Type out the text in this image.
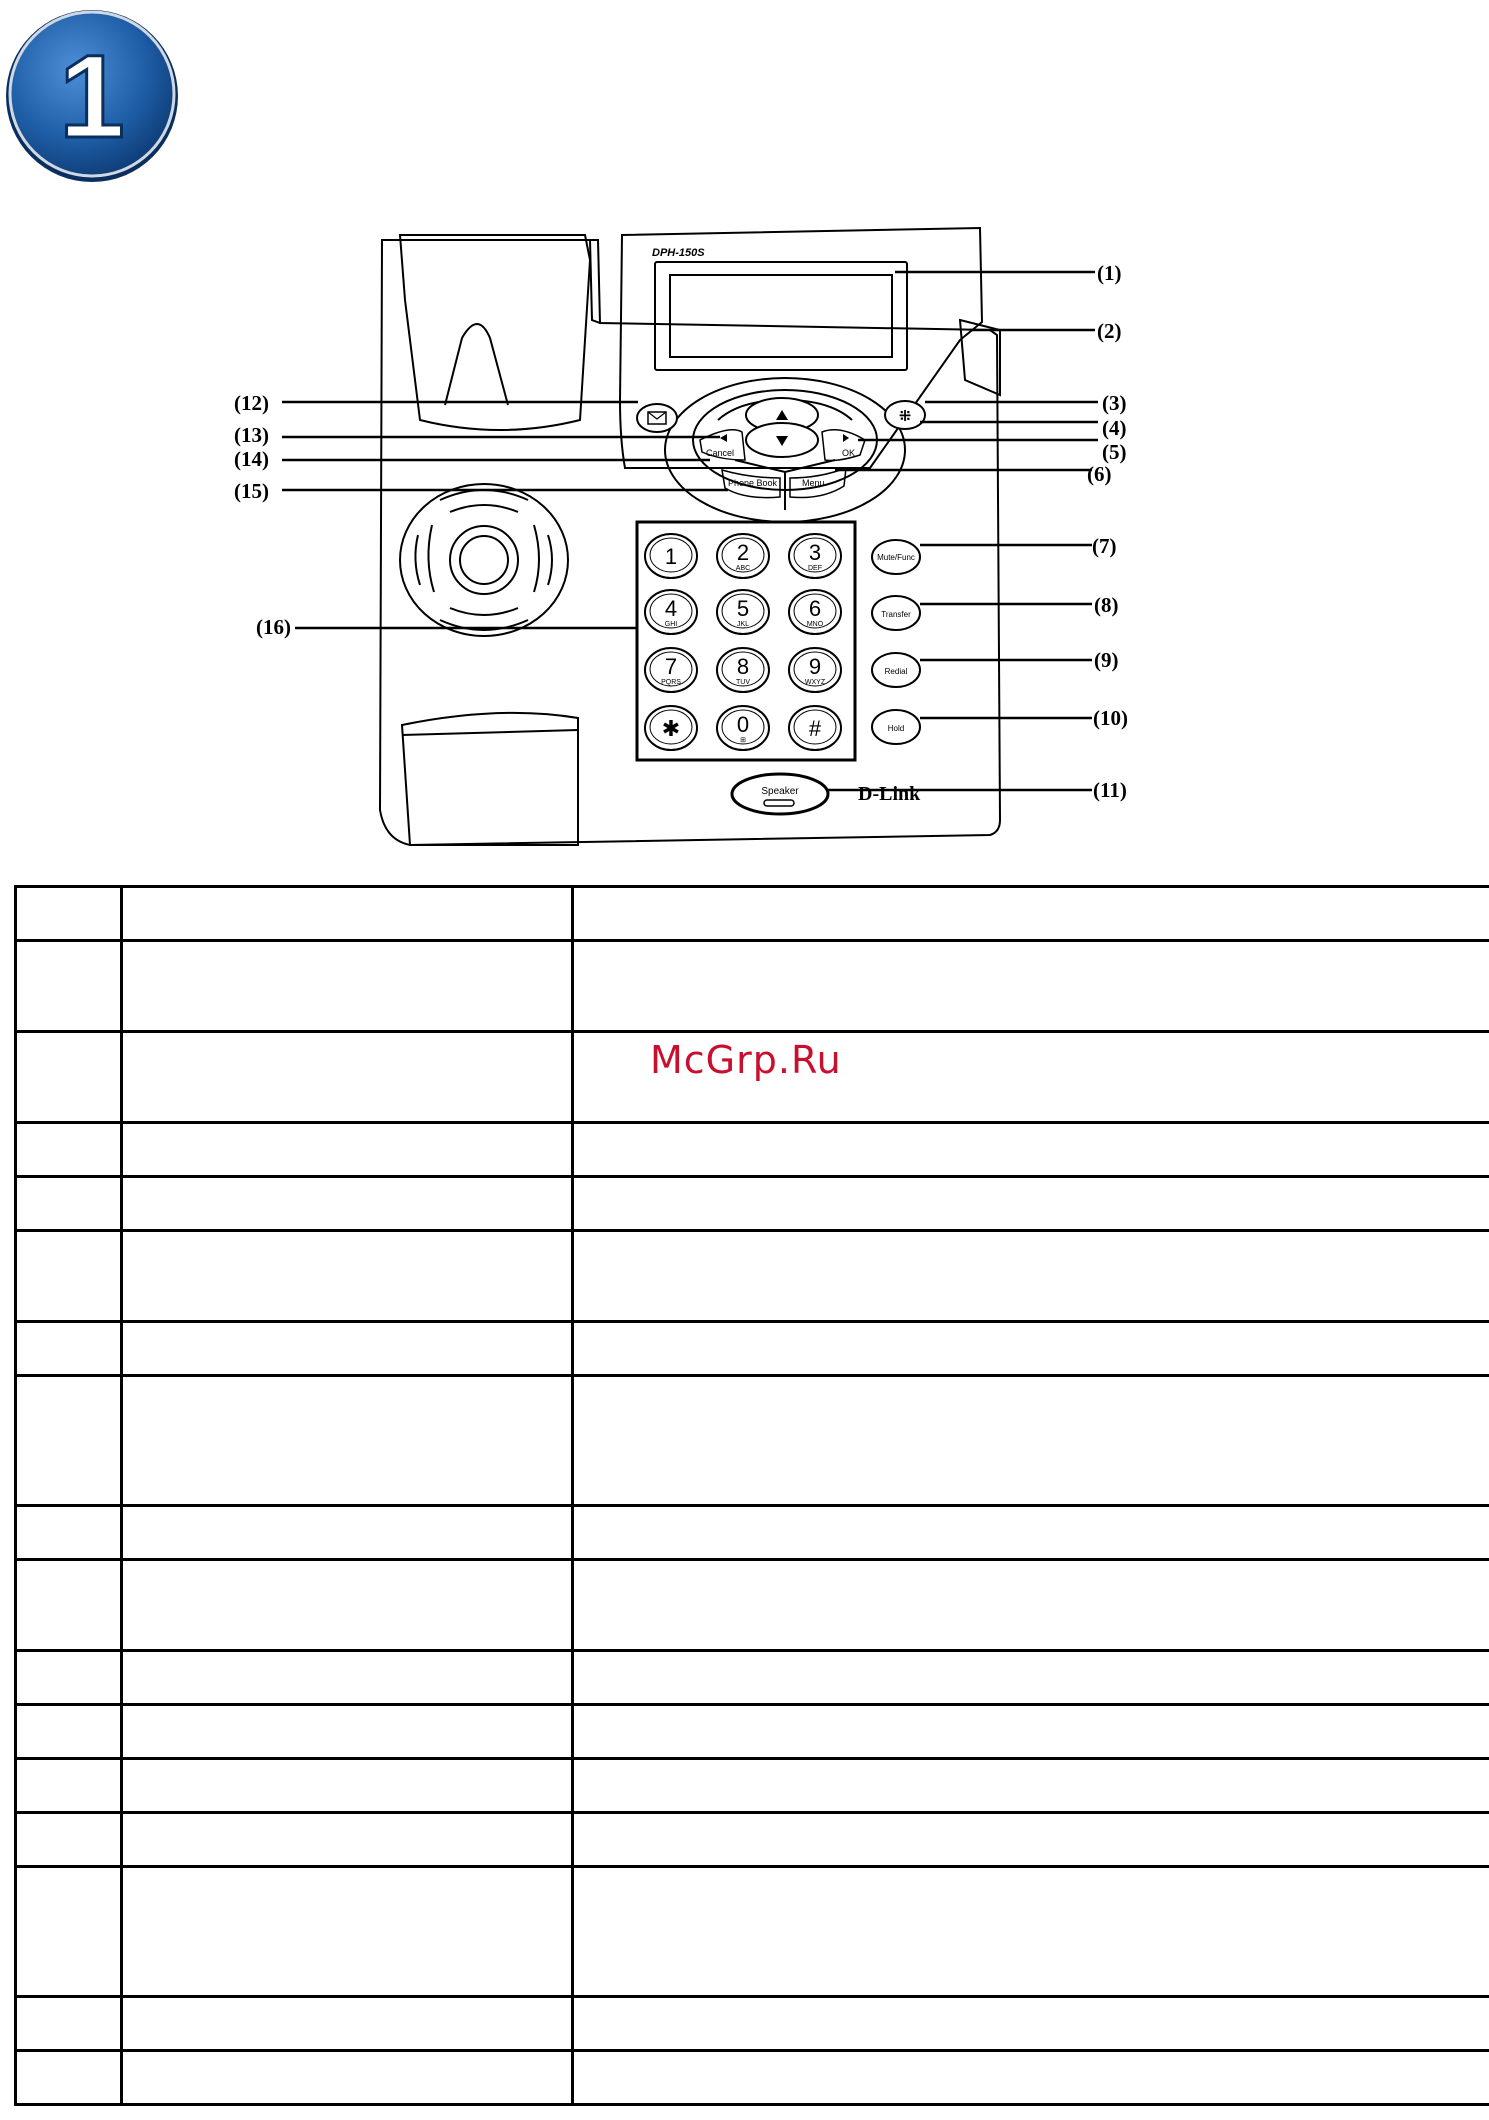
1
Cancel	OK
Phone Book	Menu
⁜
1	2
ABC
3
DEF
4
GHI
5
JKL
6
MNO
7
PQRS
8
TUV
9
WXYZ
✱	0
⊞	#
Mute/Func
Transfer
Redial
Hold
Speaker
DPH-150S
D-Link
(1)
(2)
(3)
(4)
(5)
(6)
(7)
(8)
(9)
(10)
(11)
(12)
(13)
(14)
(15)
(16)

McGrp.Ru
